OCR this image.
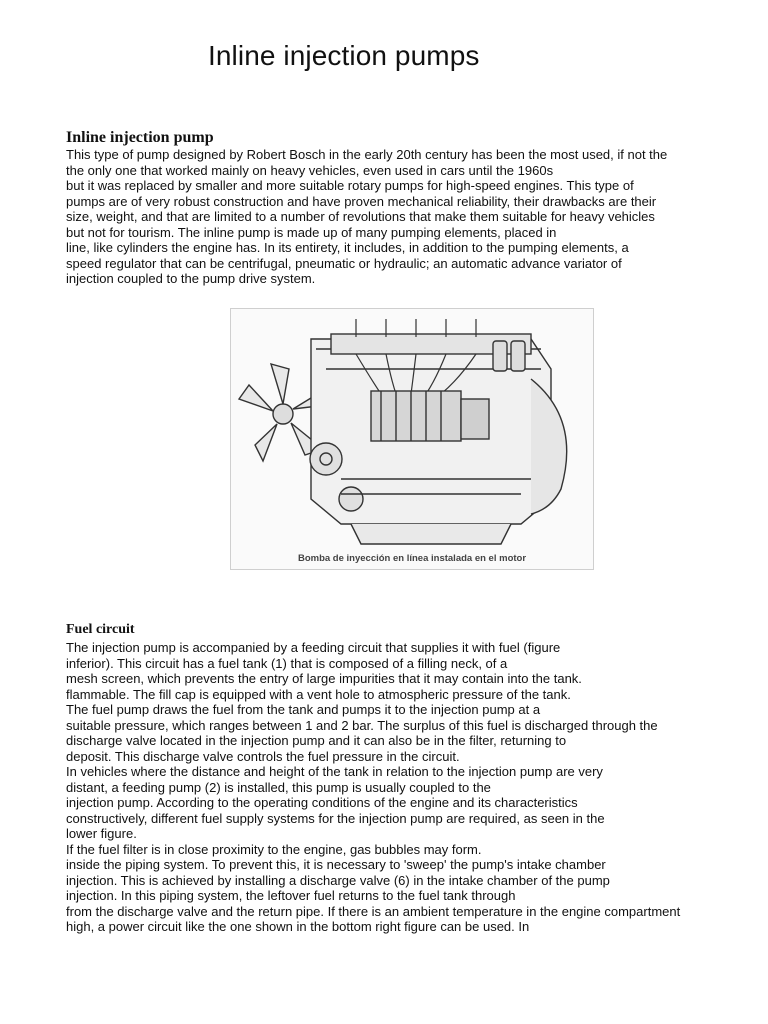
Inline injection pumps
Inline injection pump
This type of pump designed by Robert Bosch in the early 20th century has been the most used, if not the
the only one that worked mainly on heavy vehicles, even used in cars until the 1960s
but it was replaced by smaller and more suitable rotary pumps for high-speed engines. This type of
pumps are of very robust construction and have proven mechanical reliability, their drawbacks are their
size, weight, and that are limited to a number of revolutions that make them suitable for heavy vehicles
but not for tourism. The inline pump is made up of many pumping elements, placed in
line, like cylinders the engine has. In its entirety, it includes, in addition to the pumping elements, a
speed regulator that can be centrifugal, pneumatic or hydraulic; an automatic advance variator of
injection coupled to the pump drive system.
Bomba de inyección en línea instalada en el motor
Fuel circuit
The injection pump is accompanied by a feeding circuit that supplies it with fuel (figure
inferior). This circuit has a fuel tank (1) that is composed of a filling neck, of a
mesh screen, which prevents the entry of large impurities that it may contain into the tank.
flammable. The fill cap is equipped with a vent hole to atmospheric pressure of the tank.
The fuel pump draws the fuel from the tank and pumps it to the injection pump at a
suitable pressure, which ranges between 1 and 2 bar. The surplus of this fuel is discharged through the
discharge valve located in the injection pump and it can also be in the filter, returning to
deposit. This discharge valve controls the fuel pressure in the circuit.
In vehicles where the distance and height of the tank in relation to the injection pump are very
distant, a feeding pump (2) is installed, this pump is usually coupled to the
injection pump. According to the operating conditions of the engine and its characteristics
constructively, different fuel supply systems for the injection pump are required, as seen in the
lower figure.
If the fuel filter is in close proximity to the engine, gas bubbles may form.
inside the piping system. To prevent this, it is necessary to 'sweep' the pump's intake chamber
injection. This is achieved by installing a discharge valve (6) in the intake chamber of the pump
injection. In this piping system, the leftover fuel returns to the fuel tank through
from the discharge valve and the return pipe. If there is an ambient temperature in the engine compartment
high, a power circuit like the one shown in the bottom right figure can be used. In
